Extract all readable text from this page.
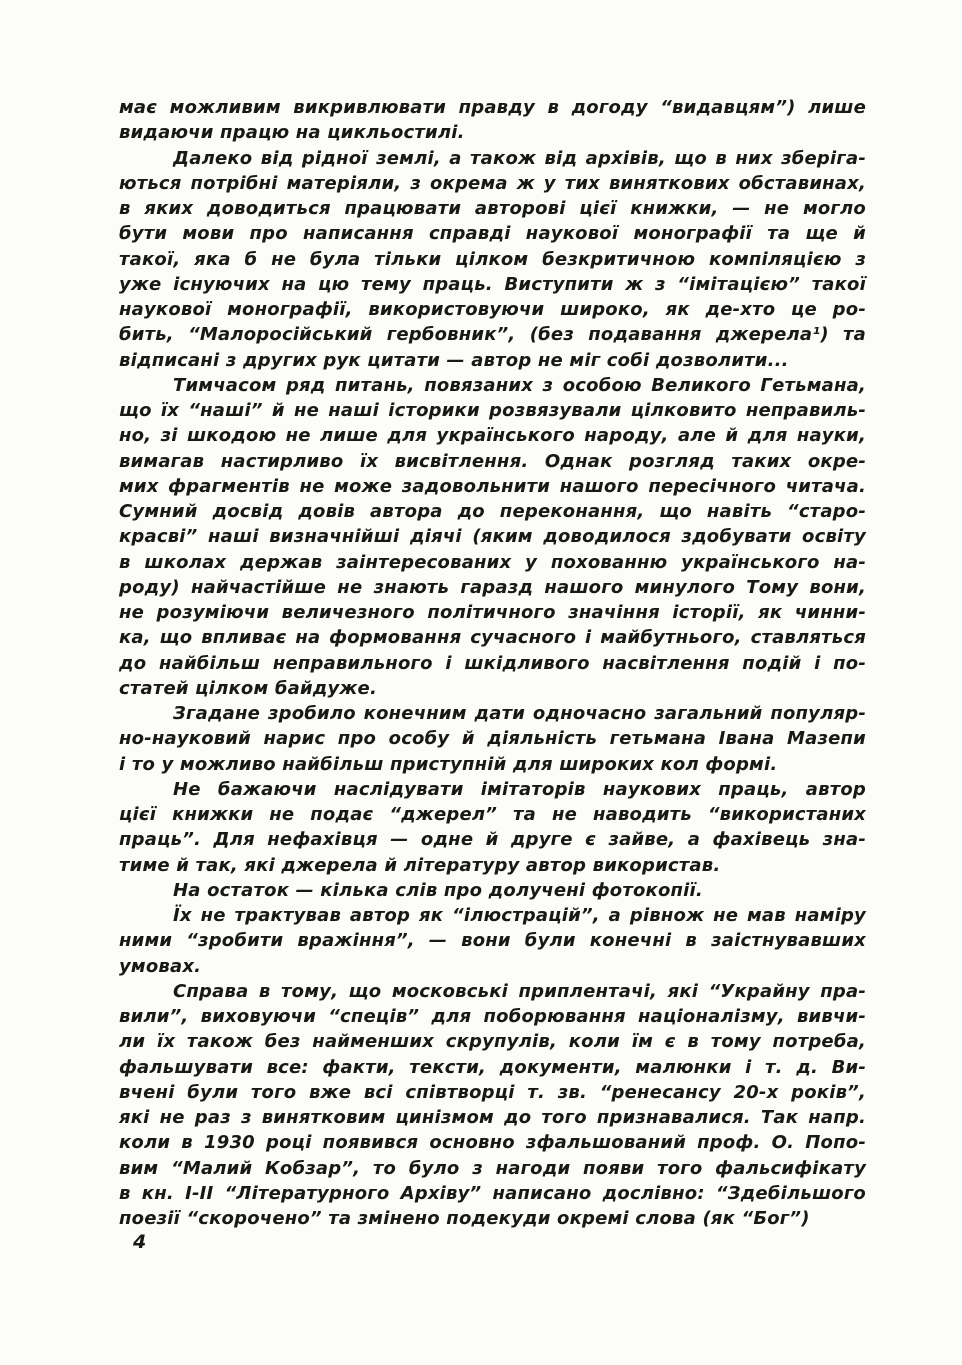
має можливим викривлювати правду в догоду “видавцям”) лише
видаючи працю на цикльостилі.
Далеко від рідної землі, а також від архівів, що в них зберіга-
ються потрібні матеріяли, з окрема ж у тих виняткових обставинах,
в яких доводиться працювати авторові цієї книжки, — не могло
бути мови про написання справді наукової монографії та ще й
такої, яка б не була тільки цілком безкритичною компіляцією з
уже існуючих на цю тему праць. Виступити ж з “імітацією” такої
наукової монографії, використовуючи широко, як де-хто це ро-
бить, “Малоросійський гербовник”, (без подавання джерела¹) та
відписані з других рук цитати — автор не міг собі дозволити...
Тимчасом ряд питань, повязаних з особою Великого Гетьмана,
що їх “наші” й не наші історики розвязували цілковито неправиль-
но, зі шкодою не лише для українського народу, але й для науки,
вимагав настирливо їх висвітлення. Однак розгляд таких окре-
мих фрагментів не може задовольнити нашого пересічного читача.
Сумний досвід довів автора до переконання, що навіть “старо-
красві” наші визначнійші діячі (яким доводилося здобувати освіту
в школах держав заінтересованих у похованню українського на-
роду) найчастійше не знають гаразд нашого минулого Тому вони,
не розуміючи величезного політичного значіння історії, як чинни-
ка, що впливає на формовання сучасного і майбутнього, ставляться
до найбільш неправильного і шкідливого насвітлення подій і по-
статей цілком байдуже.
Згадане зробило конечним дати одночасно загальний популяр-
но-науковий нарис про особу й діяльність гетьмана Івана Мазепи
і то у можливо найбільш приступній для широких кол формі.
Не бажаючи наслідувати імітаторів наукових праць, автор
цієї книжки не подає “джерел” та не наводить “використаних
праць”. Для нефахівця — одне й друге є зайве, а фахівець зна-
тиме й так, які джерела й літературу автор використав.
На остаток — кілька слів про долучені фотокопії.
Їх не трактував автор як “ілюстрацій”, а рівнож не мав наміру
ними “зробити вражіння”, — вони були конечні в заістнувавших
умовах.
Справа в тому, що московські приплентачі, які “Украйну пра-
вили”, виховуючи “спеців” для поборювання націоналізму, вивчи-
ли їх також без найменших скрупулів, коли їм є в тому потреба,
фальшувати все: факти, тексти, документи, малюнки і т. д. Ви-
вчені були того вже всі співтворці т. зв. “ренесансу 20-х років”,
які не раз з винятковим цинізмом до того признавалися. Так напр.
коли в 1930 році появився основно зфальшований проф. О. Попо-
вим “Малий Кобзар”, то було з нагоди появи того фальсифікату
в кн. I-II “Літературного Архіву” написано дослівно: “Здебільшого
поезії “скорочено” та змінено подекуди окремі слова (як “Бог”)
4
